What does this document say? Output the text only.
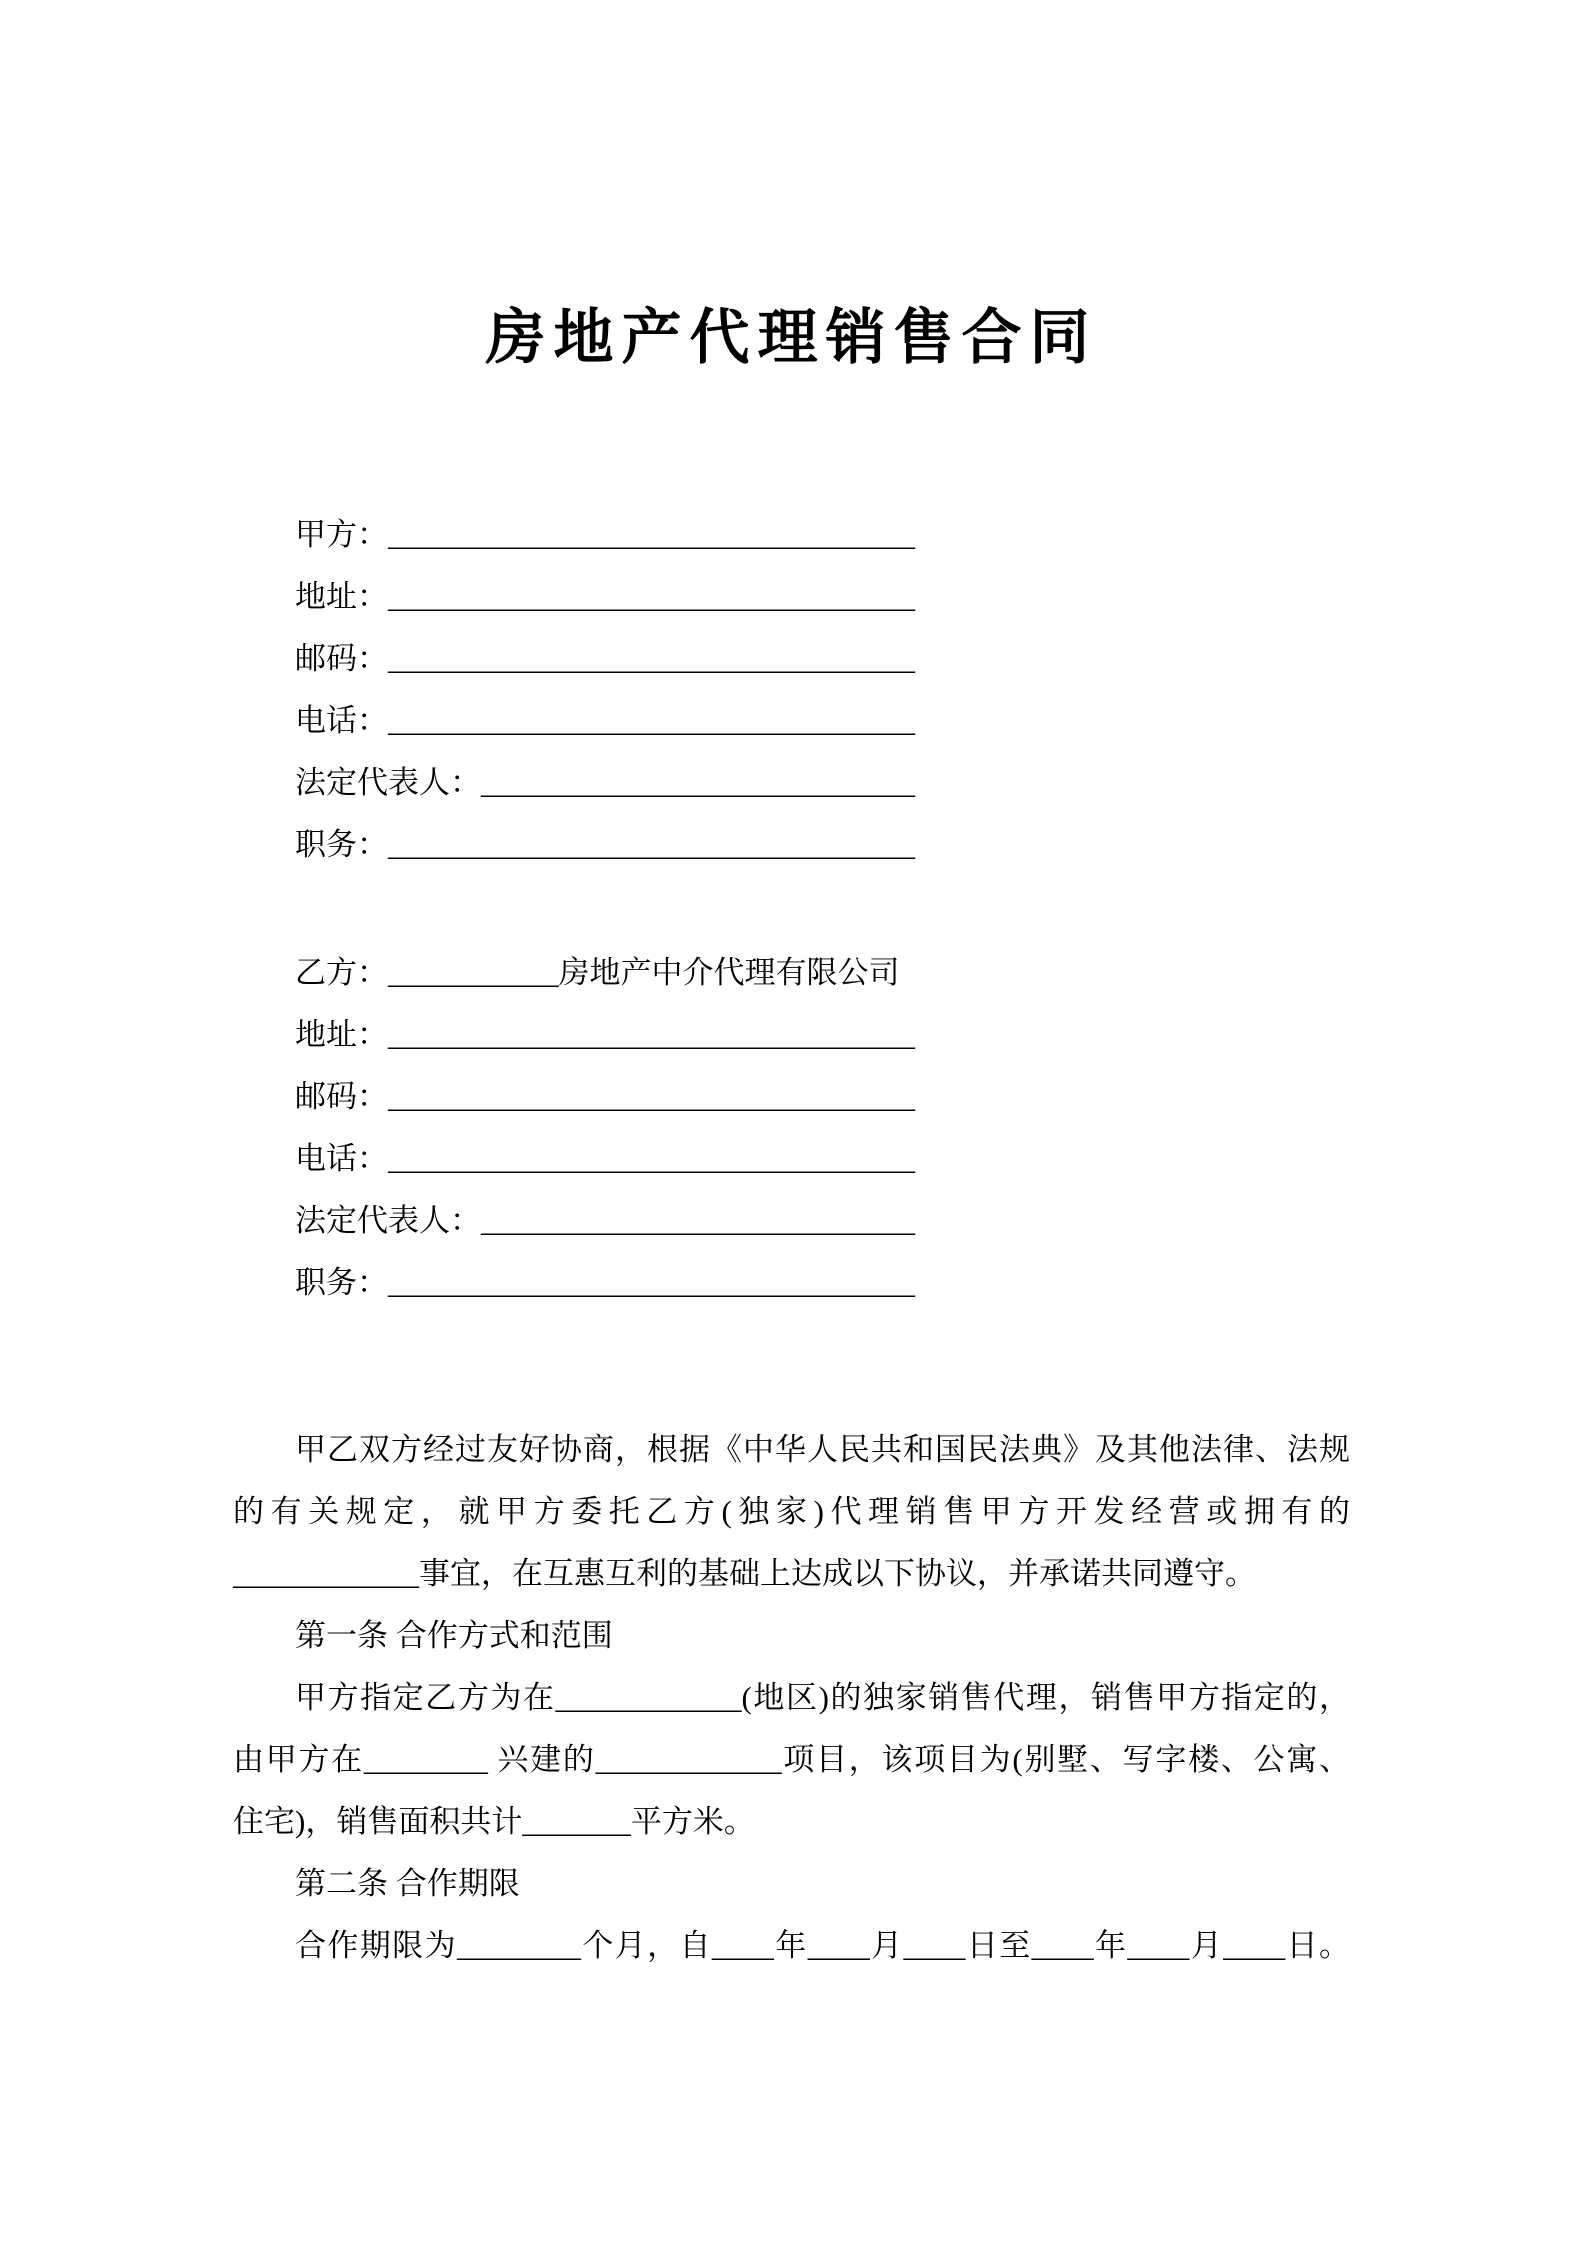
房地产代理销售合同
甲方：__________________________________
地址：__________________________________
邮码：__________________________________
电话：__________________________________
法定代表人：____________________________
职务：__________________________________
乙方：___________房地产中介代理有限公司
地址：__________________________________
邮码：__________________________________
电话：__________________________________
法定代表人：____________________________
职务：__________________________________

甲乙双方经过友好协商，根据《中华人民共和国民法典》及其他法律、法规

的有关规定，就甲方委托乙方(独家)代理销售甲方开发经营或拥有的

____________事宜，在互惠互利的基础上达成以下协议，并承诺共同遵守。

第一条 合作方式和范围

甲方指定乙方为在____________(地区)的独家销售代理，销售甲方指定的，

由甲方在________ 兴建的____________项目，该项目为(别墅、写字楼、公寓、

住宅)，销售面积共计_______平方米。

第二条 合作期限

合作期限为________个月，自____年____月____日至____年____月____日。
